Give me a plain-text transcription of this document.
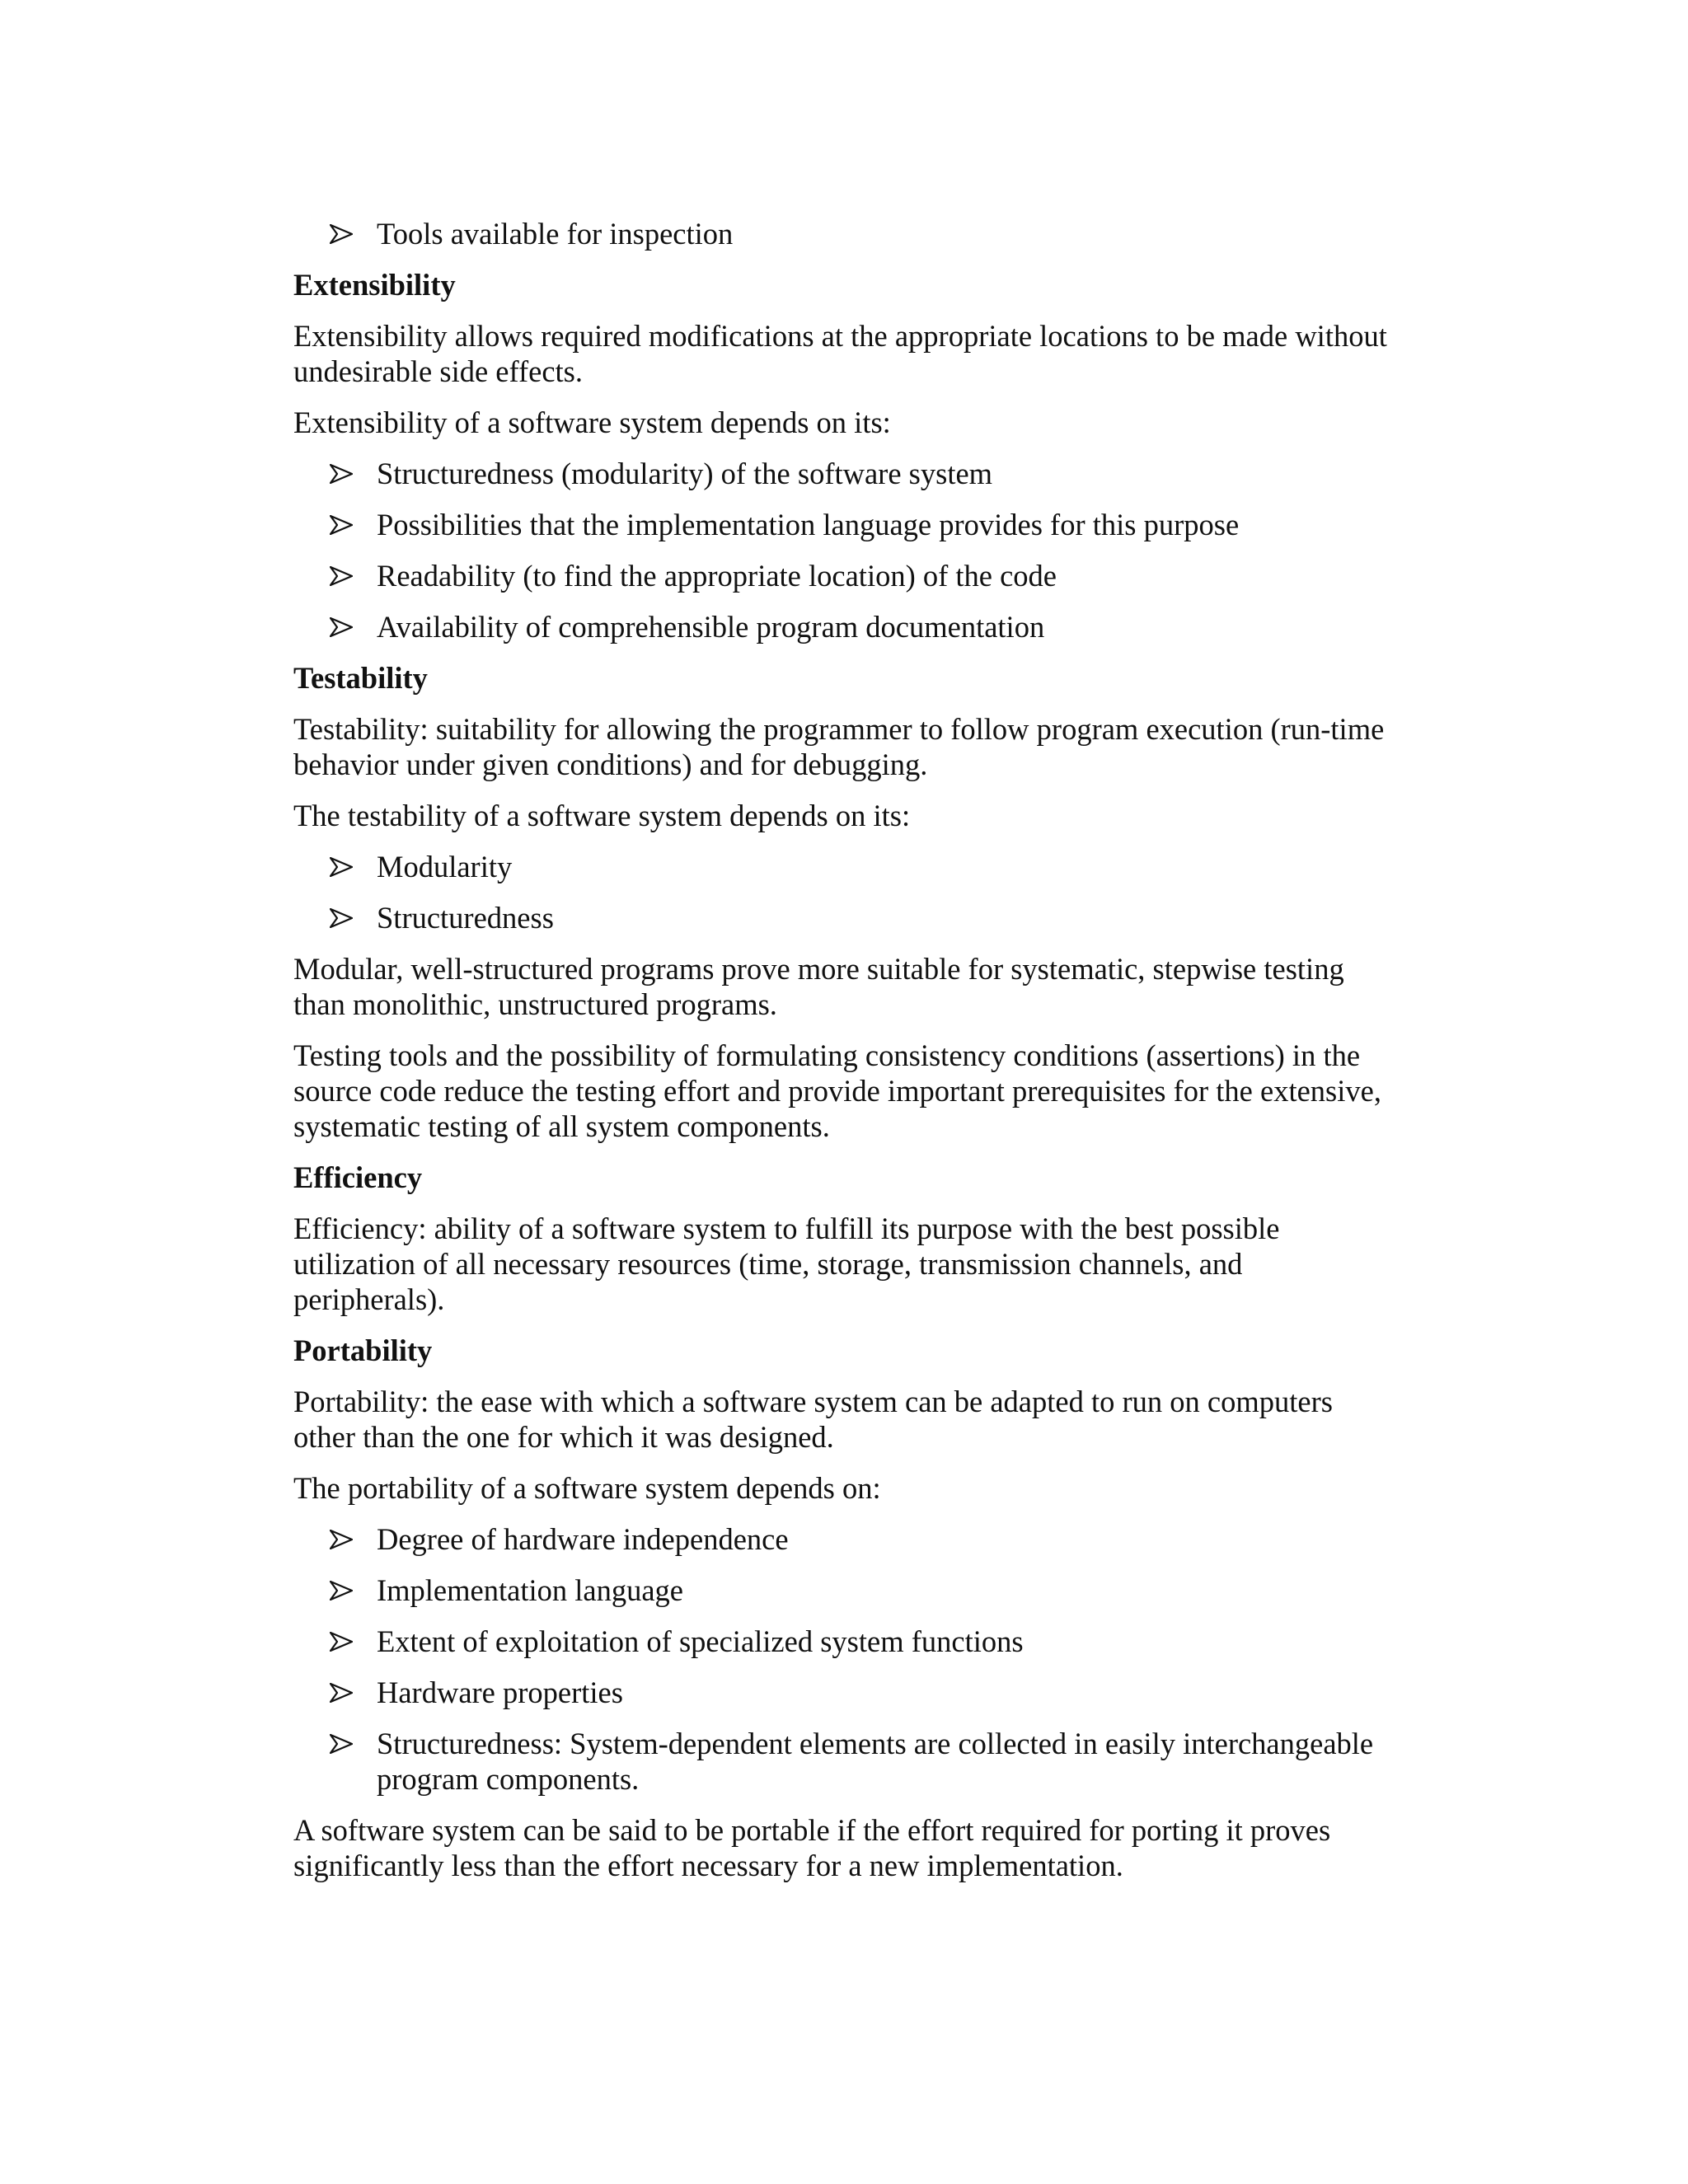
Tools available for inspection
Extensibility

Extensibility allows required modifications at the appropriate locations to be made without undesirable side effects.

Extensibility of a software system depends on its:

Structuredness (modularity) of the software system
Possibilities that the implementation language provides for this purpose
Readability (to find the appropriate location) of the code
Availability of comprehensible program documentation
Testability

Testability: suitability for allowing the programmer to follow program execution (run-time behavior under given conditions) and for debugging.

The testability of a software system depends on its:

Modularity
Structuredness

Modular, well-structured programs prove more suitable for systematic, stepwise testing than monolithic, unstructured programs.

Testing tools and the possibility of formulating consistency conditions (assertions) in the source code reduce the testing effort and provide important prerequisites for the extensive, systematic testing of all system components.

Efficiency

Efficiency: ability of a software system to fulfill its purpose with the best possible utilization of all necessary resources (time, storage, transmission channels, and peripherals).

Portability

Portability: the ease with which a software system can be adapted to run on computers other than the one for which it was designed.

The portability of a software system depends on:

Degree of hardware independence
Implementation language
Extent of exploitation of specialized system functions
Hardware properties
Structuredness: System-dependent elements are collected in easily interchangeable program components.

A software system can be said to be portable if the effort required for porting it proves significantly less than the effort necessary for a new implementation.
